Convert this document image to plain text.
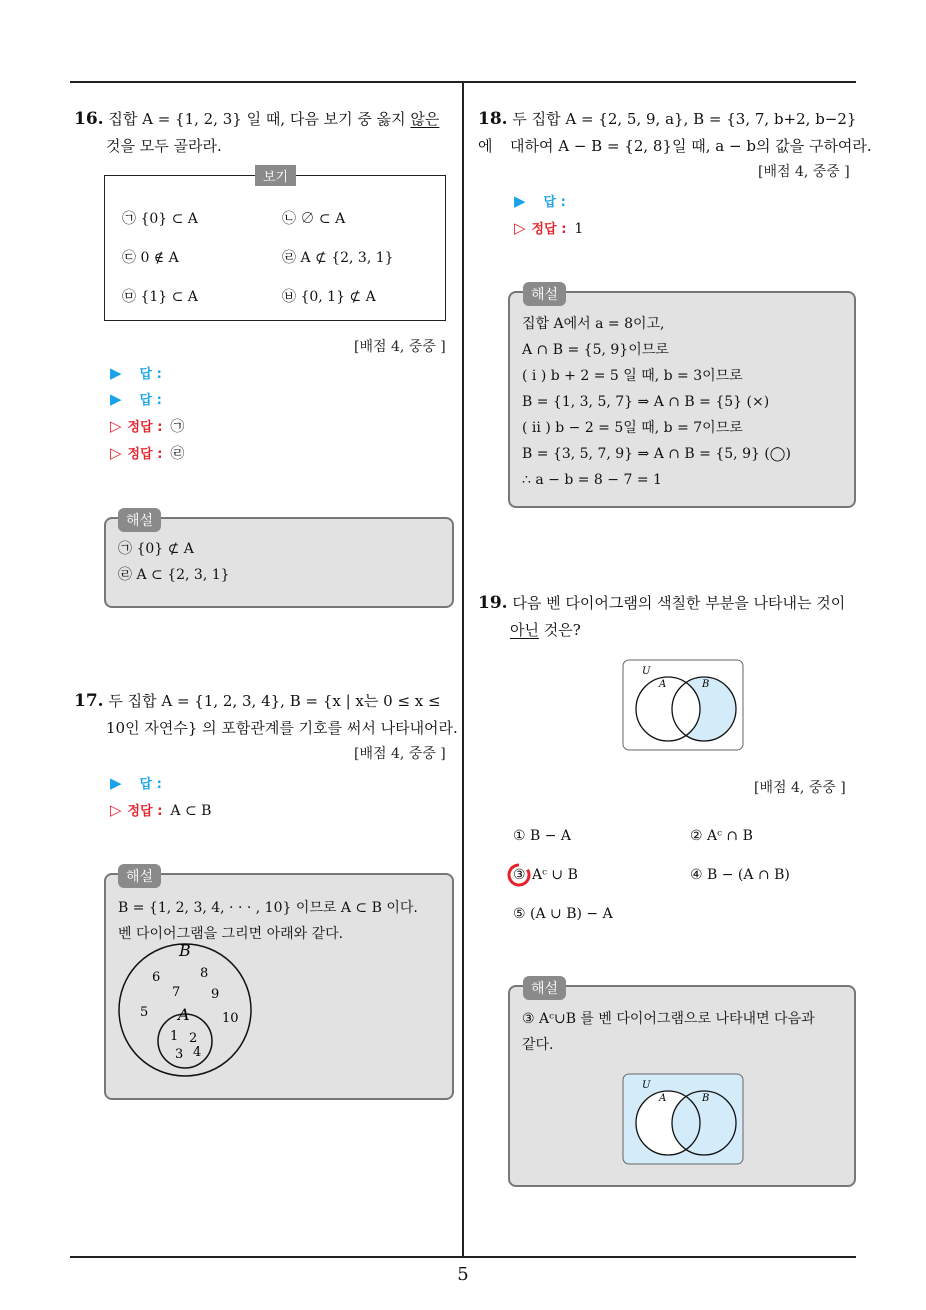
16. 집합 A = {1, 2, 3} 일 때, 다음 보기 중 옳지 않은
것을 모두 골라라.
보기
㉠ {0} ⊂ A	㉡ ∅ ⊂ A
㉢ 0 ∉ A	㉣ A ⊄ {2, 3, 1}
㉤ {1} ⊂ A	㉥ {0, 1} ⊄ A
[배점 4, 중중 ]
▶ 답 :
▶ 답 :
▷ 정답 : ㉠
▷ 정답 : ㉣
해설
㉠ {0} ⊄ A
㉣ A ⊂ {2, 3, 1}
17. 두 집합 A = {1, 2, 3, 4}, B = {x | x는 0 ≤ x ≤
10인 자연수} 의 포함관계를 기호를 써서 나타내어라.
[배점 4, 중중 ]
▶ 답 :
▷ 정답 : A ⊂ B
해설
B = {1, 2, 3, 4, · · · , 10} 이므로 A ⊂ B 이다.
벤 다이어그램을 그리면 아래와 같다.
B
A
6	8
7 9
5	10
1 2
3 4
18. 두 집합 A = {2, 5, 9, a}, B = {3, 7, b+2, b−2}에	대하여 A − B = {2, 8}일 때, a − b의 값을 구하여라.
[배점 4, 중중 ]
▶ 답 :
▷ 정답 : 1
해설
집합 A에서 a = 8이고,
A ∩ B = {5, 9}이므로
( i ) b + 2 = 5 일 때, b = 3이므로
B = {1, 3, 5, 7} ⇒ A ∩ B = {5} (×)
( ii ) b − 2 = 5일 때, b = 7이므로
B = {3, 5, 7, 9} ⇒ A ∩ B = {5, 9} (◯)
∴ a − b = 8 − 7 = 1
19. 다음 벤 다이어그램의 색칠한 부분을 나타내는 것이
아닌 것은?
U
A	B
[배점 4, 중중 ]
① B − A	② Aᶜ ∩ B
③ Aᶜ ∪ B	④ B − (A ∩ B)
⑤ (A ∪ B) − A
해설
③ Aᶜ∪B 를 벤 다이어그램으로 나타내면 다음과
같다.
U
A	B
5
